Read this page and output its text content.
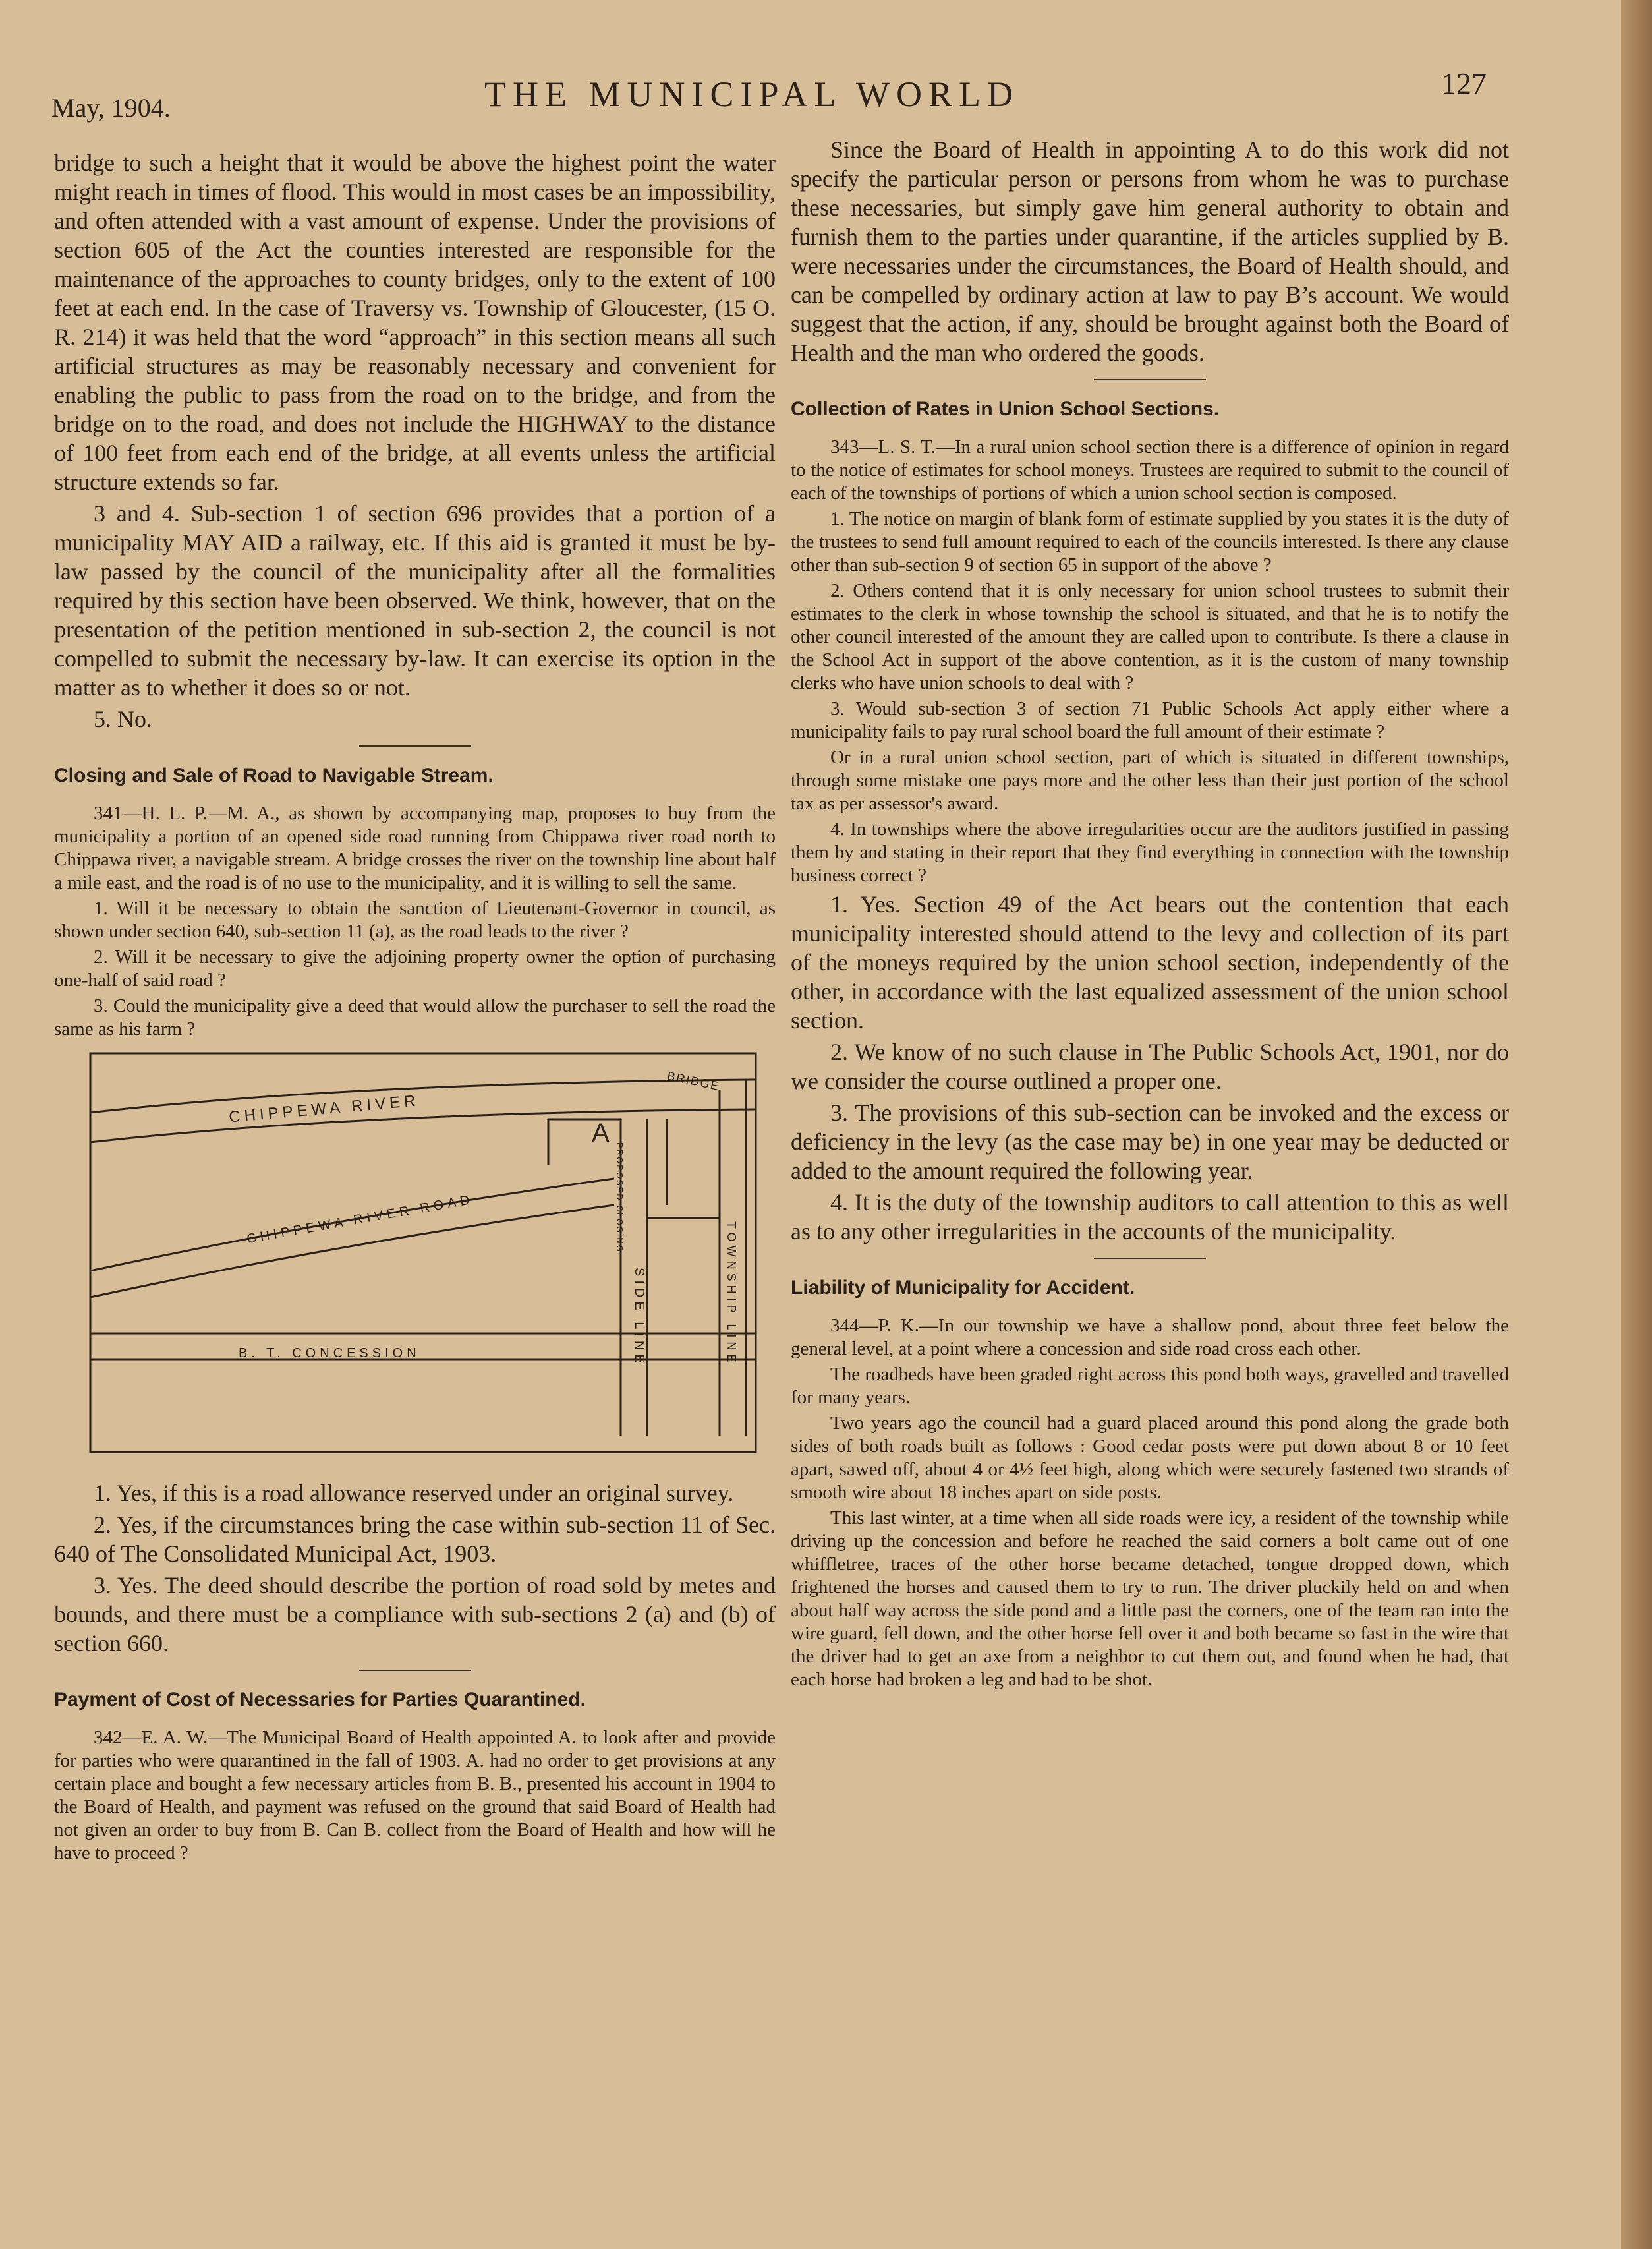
May, 1904.	THE MUNICIPAL WORLD	127

bridge to such a height that it would be above the highest point the water might reach in times of flood. This would in most cases be an impossibility, and often attended with a vast amount of expense. Under the provisions of section 605 of the Act the counties interested are responsible for the maintenance of the approaches to county bridges, only to the extent of 100 feet at each end. In the case of Traversy vs. Township of Gloucester, (15 O. R. 214) it was held that the word “approach” in this section means all such artificial structures as may be reasonably necessary and convenient for enabling the public to pass from the road on to the bridge, and from the bridge on to the road, and does not include the HIGHWAY to the distance of 100 feet from each end of the bridge, at all events unless the artificial structure extends so far.

3 and 4. Sub-section 1 of section 696 provides that a portion of a municipality MAY AID a railway, etc. If this aid is granted it must be by-law passed by the council of the municipality after all the formalities required by this section have been observed. We think, however, that on the presentation of the petition mentioned in sub-section 2, the council is not compelled to submit the necessary by-law. It can exercise its option in the matter as to whether it does so or not.

5. No.

Closing and Sale of Road to Navigable Stream.

341—H. L. P.—M. A., as shown by accompanying map, proposes to buy from the municipality a portion of an opened side road running from Chippawa river road north to Chippawa river, a navigable stream. A bridge crosses the river on the township line about half a mile east, and the road is of no use to the municipality, and it is willing to sell the same.

1. Will it be necessary to obtain the sanction of Lieutenant-Governor in council, as shown under section 640, sub-section 11 (a), as the road leads to the river ?

2. Will it be necessary to give the adjoining property owner the option of purchasing one-half of said road ?

3. Could the municipality give a deed that would allow the purchaser to sell the road the same as his farm ?

CHIPPEWA RIVER
BRIDGE
CHIPPEWA RIVER ROAD
A
PROPOSED CLOSING
SIDE LINE	TOWNSHIP LINE
B. T. CONCESSION

1. Yes, if this is a road allowance reserved under an original survey.

2. Yes, if the circumstances bring the case within sub-section 11 of Sec. 640 of The Consolidated Municipal Act, 1903.

3. Yes. The deed should describe the portion of road sold by metes and bounds, and there must be a compliance with sub-sections 2 (a) and (b) of section 660.

Payment of Cost of Necessaries for Parties Quarantined.

342—E. A. W.—The Municipal Board of Health appointed A. to look after and provide for parties who were quarantined in the fall of 1903. A. had no order to get provisions at any certain place and bought a few necessary articles from B. B., presented his account in 1904 to the Board of Health, and payment was refused on the ground that said Board of Health had not given an order to buy from B. Can B. collect from the Board of Health and how will he have to proceed ?

Since the Board of Health in appointing A to do this work did not specify the particular person or persons from whom he was to purchase these necessaries, but simply gave him general authority to obtain and furnish them to the parties under quarantine, if the articles supplied by B. were necessaries under the circumstances, the Board of Health should, and can be compelled by ordinary action at law to pay B’s account. We would suggest that the action, if any, should be brought against both the Board of Health and the man who ordered the goods.

Collection of Rates in Union School Sections.

343—L. S. T.—In a rural union school section there is a difference of opinion in regard to the notice of estimates for school moneys. Trustees are required to submit to the council of each of the townships of portions of which a union school section is composed.

1. The notice on margin of blank form of estimate supplied by you states it is the duty of the trustees to send full amount required to each of the councils interested. Is there any clause other than sub-section 9 of section 65 in support of the above ?

2. Others contend that it is only necessary for union school trustees to submit their estimates to the clerk in whose township the school is situated, and that he is to notify the other council interested of the amount they are called upon to contribute. Is there a clause in the School Act in support of the above contention, as it is the custom of many township clerks who have union schools to deal with ?

3. Would sub-section 3 of section 71 Public Schools Act apply either where a municipality fails to pay rural school board the full amount of their estimate ?

Or in a rural union school section, part of which is situated in different townships, through some mistake one pays more and the other less than their just portion of the school tax as per assessor's award.

4. In townships where the above irregularities occur are the auditors justified in passing them by and stating in their report that they find everything in connection with the township business correct ?

1. Yes. Section 49 of the Act bears out the contention that each municipality interested should attend to the levy and collection of its part of the moneys required by the union school section, independently of the other, in accordance with the last equalized assessment of the union school section.

2. We know of no such clause in The Public Schools Act, 1901, nor do we consider the course outlined a proper one.

3. The provisions of this sub-section can be invoked and the excess or deficiency in the levy (as the case may be) in one year may be deducted or added to the amount required the following year.

4. It is the duty of the township auditors to call attention to this as well as to any other irregularities in the accounts of the municipality.

Liability of Municipality for Accident.

344—P. K.—In our township we have a shallow pond, about three feet below the general level, at a point where a concession and side road cross each other.

The roadbeds have been graded right across this pond both ways, gravelled and travelled for many years.

Two years ago the council had a guard placed around this pond along the grade both sides of both roads built as follows : Good cedar posts were put down about 8 or 10 feet apart, sawed off, about 4 or 4½ feet high, along which were securely fastened two strands of smooth wire about 18 inches apart on side posts.

This last winter, at a time when all side roads were icy, a resident of the township while driving up the concession and before he reached the said corners a bolt came out of one whiffletree, traces of the other horse became detached, tongue dropped down, which frightened the horses and caused them to try to run. The driver pluckily held on and when about half way across the side pond and a little past the corners, one of the team ran into the wire guard, fell down, and the other horse fell over it and both became so fast in the wire that the driver had to get an axe from a neighbor to cut them out, and found when he had, that each horse had broken a leg and had to be shot.
